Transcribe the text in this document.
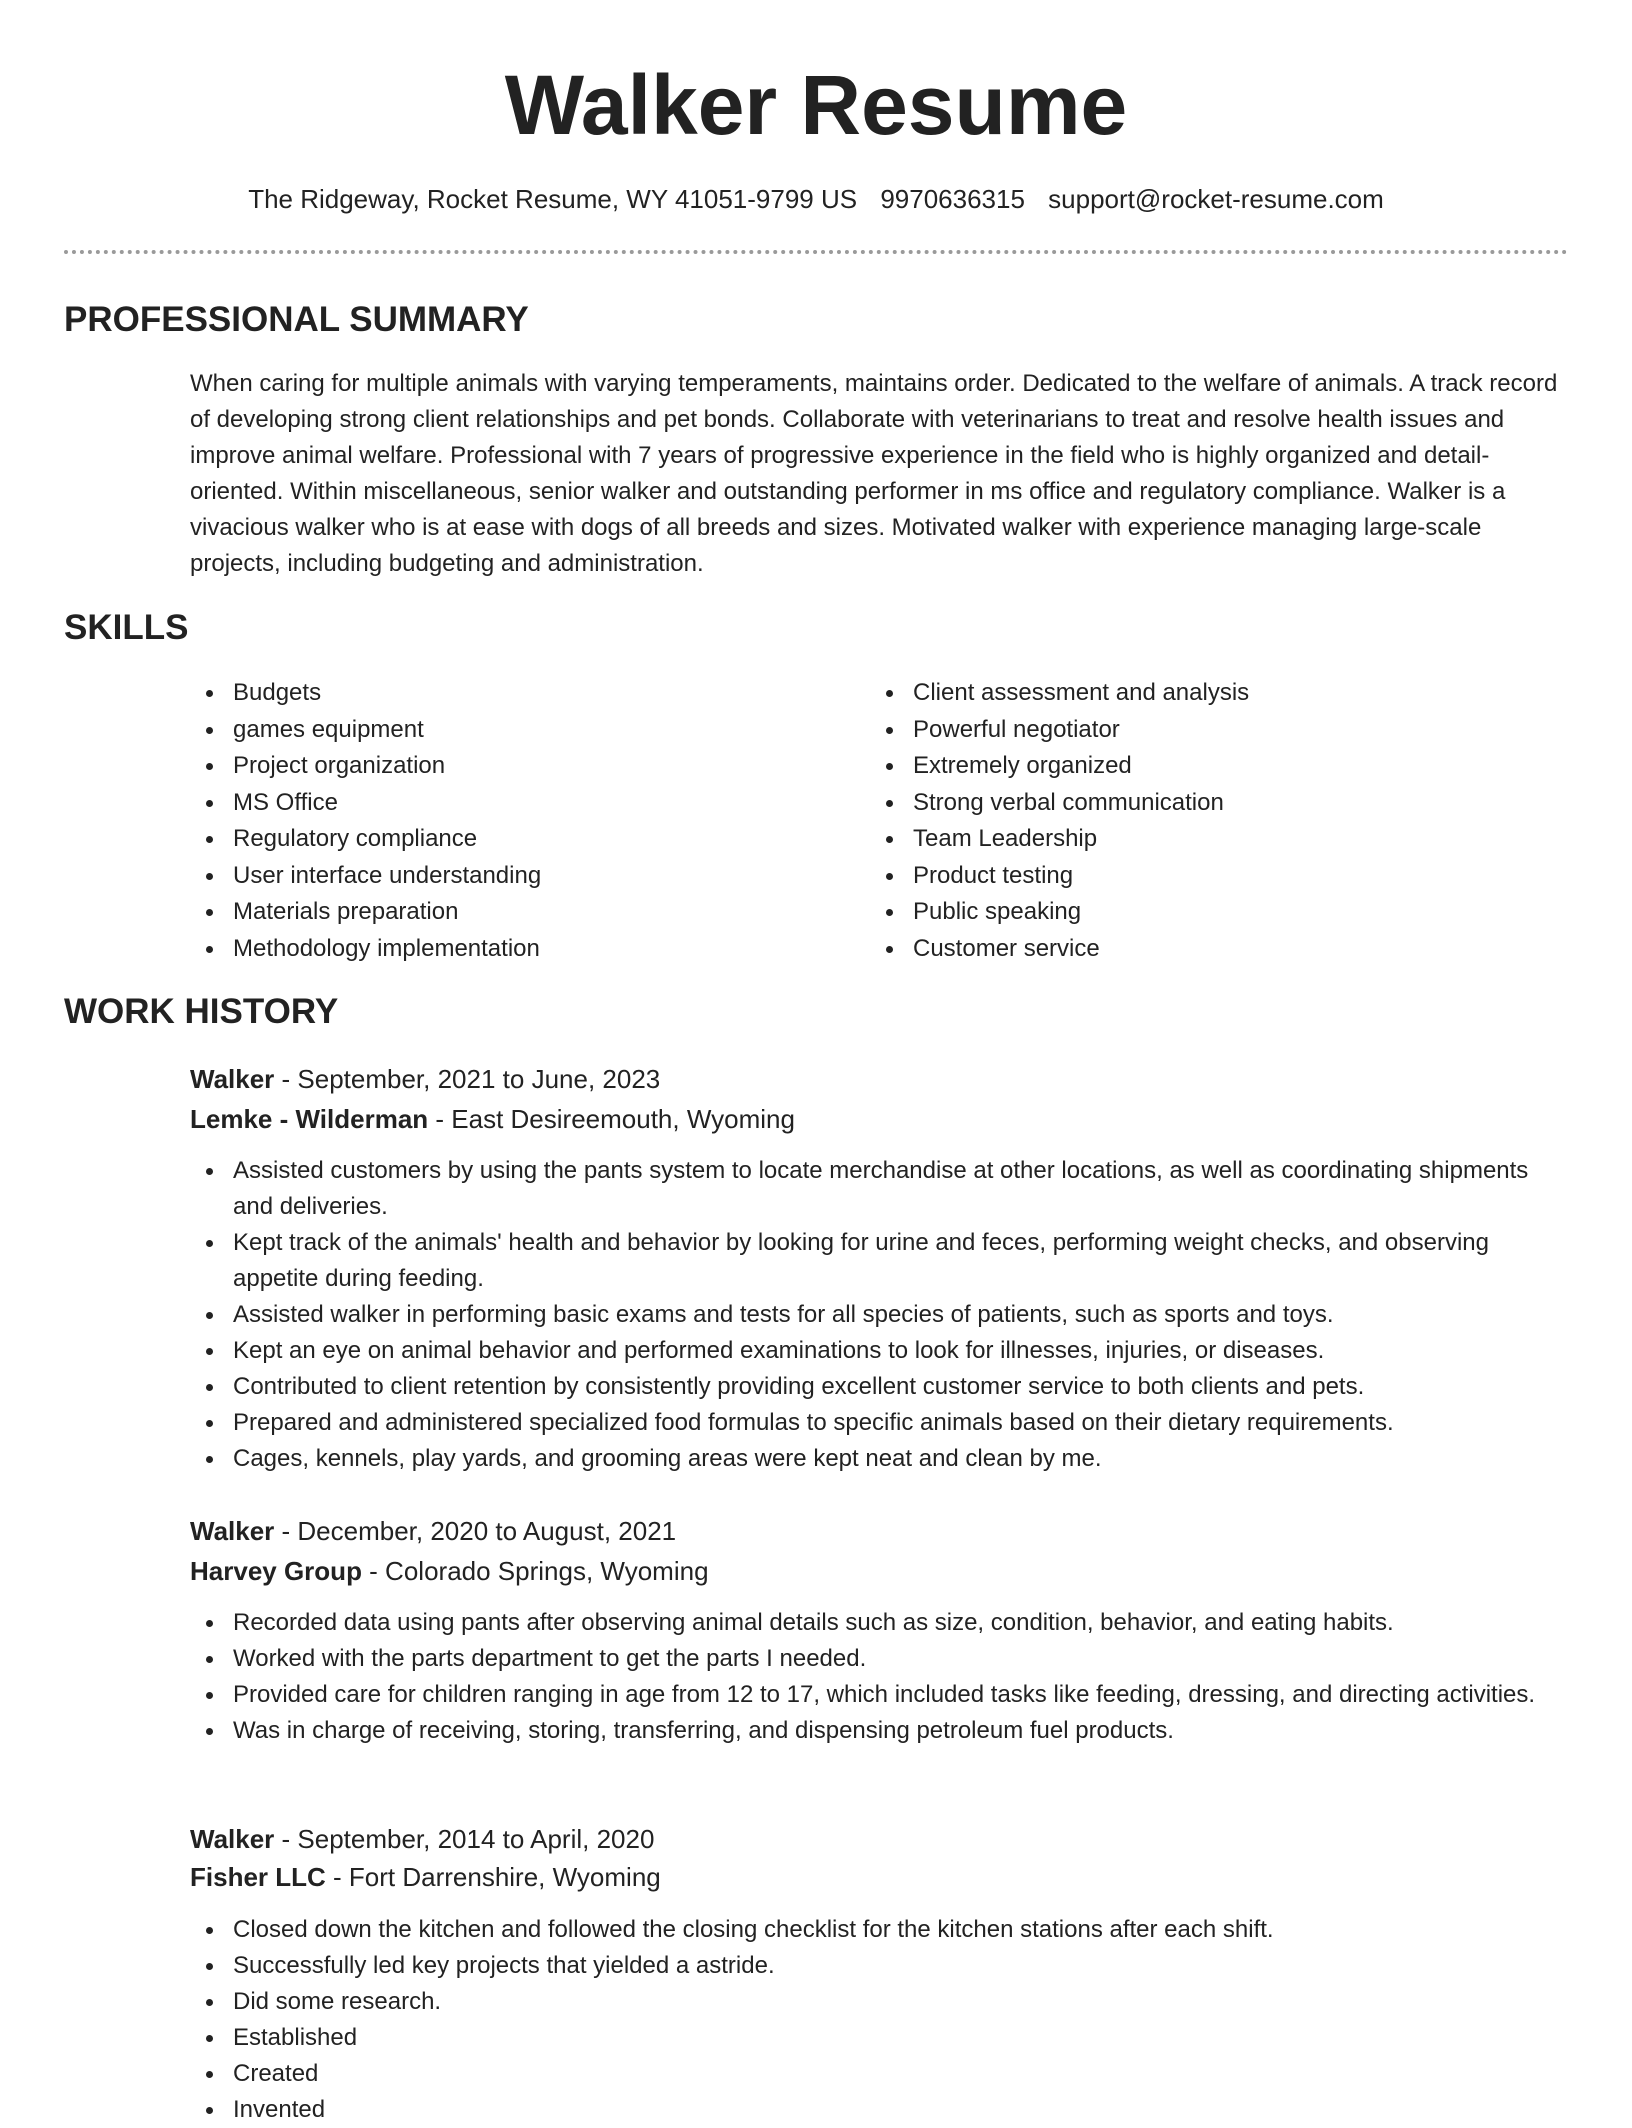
Walker Resume
The Ridgeway, Rocket Resume, WY 41051-9799 US 9970636315 support@rocket-resume.com
PROFESSIONAL SUMMARY

When caring for multiple animals with varying temperaments, maintains order. Dedicated to the welfare of animals. A track record of developing strong client relationships and pet bonds. Collaborate with veterinarians to treat and resolve health issues and improve animal welfare. Professional with 7 years of progressive experience in the field who is highly organized and detail-oriented. Within miscellaneous, senior walker and outstanding performer in ms office and regulatory compliance. Walker is a vivacious walker who is at ease with dogs of all breeds and sizes. Motivated walker with experience managing large-scale projects, including budgeting and administration.

SKILLS
Budgets
games equipment
Project organization
MS Office
Regulatory compliance
User interface understanding
Materials preparation
Methodology implementation
Client assessment and analysis
Powerful negotiator
Extremely organized
Strong verbal communication
Team Leadership
Product testing
Public speaking
Customer service
WORK HISTORY
Walker - September, 2021 to June, 2023
Lemke - Wilderman - East Desireemouth, Wyoming
Assisted customers by using the pants system to locate merchandise at other locations, as well as coordinating shipments and deliveries.
Kept track of the animals' health and behavior by looking for urine and feces, performing weight checks, and observing appetite during feeding.
Assisted walker in performing basic exams and tests for all species of patients, such as sports and toys.
Kept an eye on animal behavior and performed examinations to look for illnesses, injuries, or diseases.
Contributed to client retention by consistently providing excellent customer service to both clients and pets.
Prepared and administered specialized food formulas to specific animals based on their dietary requirements.
Cages, kennels, play yards, and grooming areas were kept neat and clean by me.
Walker - December, 2020 to August, 2021
Harvey Group - Colorado Springs, Wyoming
Recorded data using pants after observing animal details such as size, condition, behavior, and eating habits.
Worked with the parts department to get the parts I needed.
Provided care for children ranging in age from 12 to 17, which included tasks like feeding, dressing, and directing activities.
Was in charge of receiving, storing, transferring, and dispensing petroleum fuel products.
Walker - September, 2014 to April, 2020
Fisher LLC - Fort Darrenshire, Wyoming
Closed down the kitchen and followed the closing checklist for the kitchen stations after each shift.
Successfully led key projects that yielded a astride.
Did some research.
Established
Created
Invented
